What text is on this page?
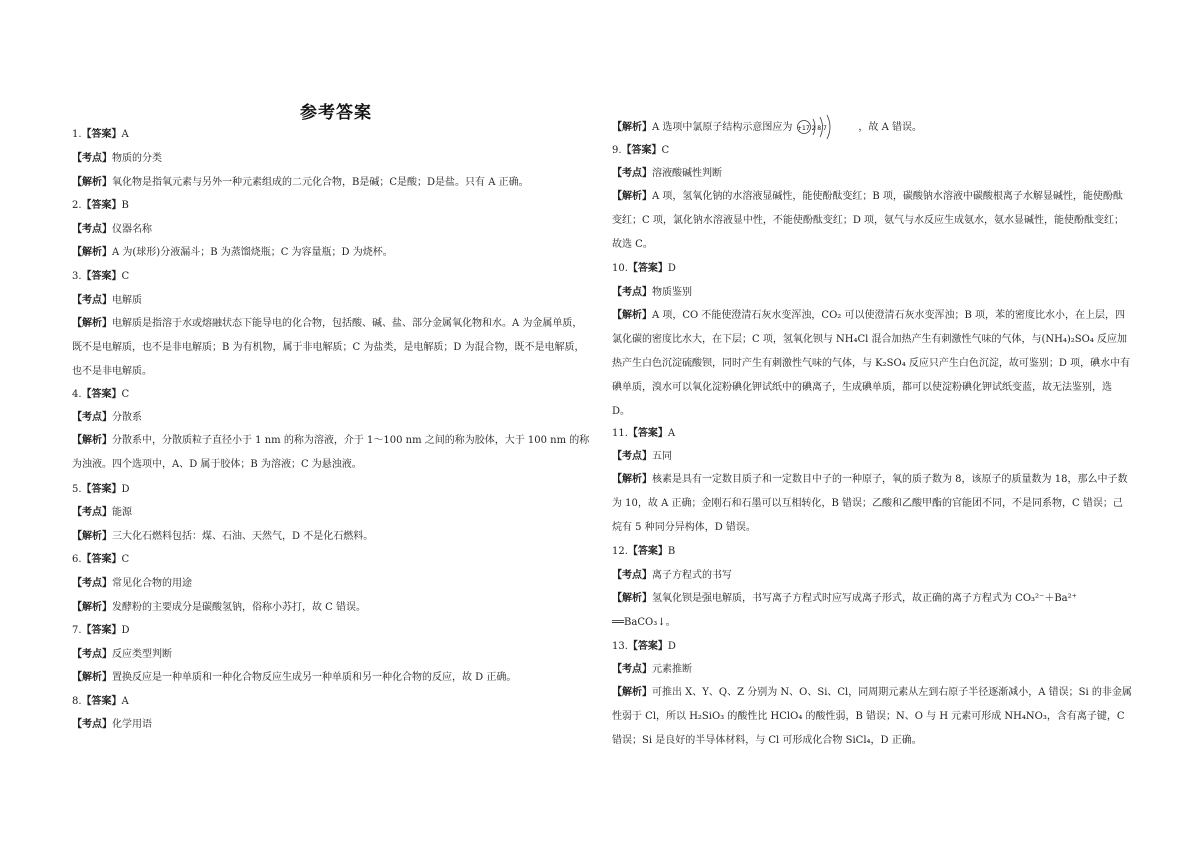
参考答案
1.【答案】A
【考点】物质的分类
【解析】氧化物是指氧元素与另外一种元素组成的二元化合物，B是碱；C是酸；D是盐。只有 A 正确。
2.【答案】B
【考点】仪器名称
【解析】A 为(球形)分液漏斗；B 为蒸馏烧瓶；C 为容量瓶；D 为烧杯。
3.【答案】C
【考点】电解质
【解析】电解质是指溶于水或熔融状态下能导电的化合物，包括酸、碱、盐、部分金属氧化物和水。A 为金属单质，既不是电解质，也不是非电解质；B 为有机物，属于非电解质；C 为盐类，是电解质；D 为混合物，既不是电解质，也不是非电解质。
4.【答案】C
【考点】分散系
【解析】分散系中，分散质粒子直径小于 1 nm 的称为溶液，介于 1～100 nm 之间的称为胶体，大于 100 nm 的称为浊液。四个选项中，A、D 属于胶体；B 为溶液；C 为悬浊液。
5.【答案】D
【考点】能源
【解析】三大化石燃料包括：煤、石油、天然气，D 不是化石燃料。
6.【答案】C
【考点】常见化合物的用途
【解析】发酵粉的主要成分是碳酸氢钠，俗称小苏打，故 C 错误。
7.【答案】D
【考点】反应类型判断
【解析】置换反应是一种单质和一种化合物反应生成另一种单质和另一种化合物的反应，故 D 正确。
8.【答案】A
【考点】化学用语
【解析】A 选项中氯原子结构示意图应为 +17 2 8 7	，故 A 错误。
9.【答案】C
【考点】溶液酸碱性判断
【解析】A 项，氢氧化钠的水溶液显碱性，能使酚酞变红；B 项，碳酸钠水溶液中碳酸根离子水解显碱性，能使酚酞变红；C 项，氯化钠水溶液显中性，不能使酚酞变红；D 项，氨气与水反应生成氨水，氨水显碱性，能使酚酞变红；故选 C。
10.【答案】D
【考点】物质鉴别
【解析】A 项，CO 不能使澄清石灰水变浑浊，CO₂ 可以使澄清石灰水变浑浊；B 项，苯的密度比水小，在上层，四氯化碳的密度比水大，在下层；C 项，氢氧化钡与 NH₄Cl 混合加热产生有刺激性气味的气体，与(NH₄)₂SO₄ 反应加热产生白色沉淀硫酸钡，同时产生有刺激性气味的气体，与 K₂SO₄ 反应只产生白色沉淀，故可鉴别；D 项，碘水中有碘单质，溴水可以氧化淀粉碘化钾试纸中的碘离子，生成碘单质，都可以使淀粉碘化钾试纸变蓝，故无法鉴别，选 D。
11.【答案】A
【考点】五同
【解析】核素是具有一定数目质子和一定数目中子的一种原子，氧的质子数为 8，该原子的质量数为 18，那么中子数为 10，故 A 正确；金刚石和石墨可以互相转化，B 错误；乙酸和乙酸甲酯的官能团不同，不是同系物，C 错误；己烷有 5 种同分异构体，D 错误。
12.【答案】B
【考点】离子方程式的书写
【解析】氢氧化钡是强电解质，书写离子方程式时应写成离子形式，故正确的离子方程式为 CO₃²⁻＋Ba²⁺ ══BaCO₃↓。
13.【答案】D
【考点】元素推断
【解析】可推出 X、Y、Q、Z 分别为 N、O、Si、Cl，同周期元素从左到右原子半径逐渐减小，A 错误；Si 的非金属性弱于 Cl，所以 H₂SiO₃ 的酸性比 HClO₄ 的酸性弱，B 错误；N、O 与 H 元素可形成 NH₄NO₃，含有离子键，C 错误；Si 是良好的半导体材料，与 Cl 可形成化合物 SiCl₄，D 正确。
